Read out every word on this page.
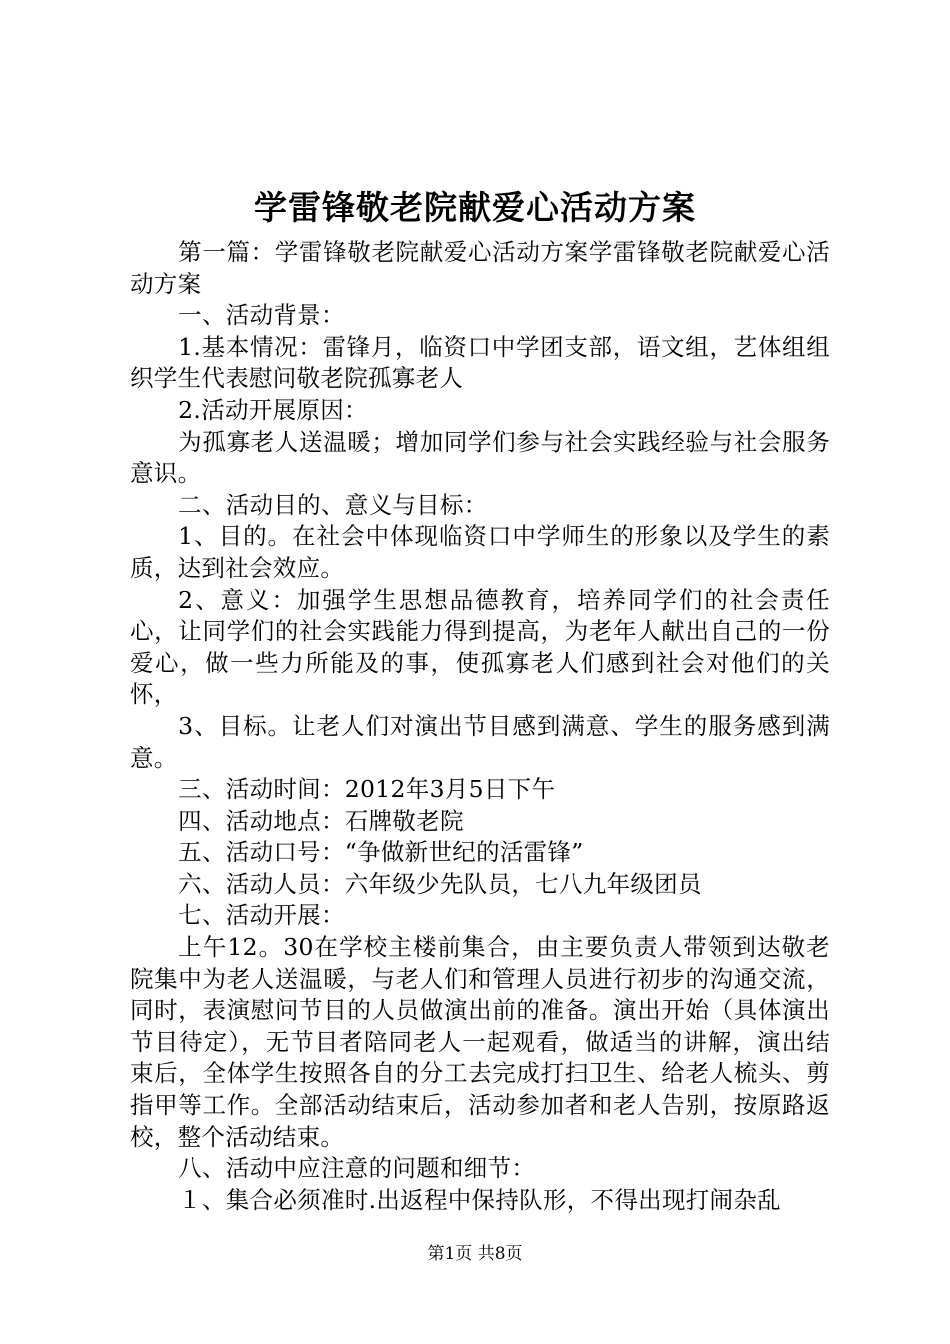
学雷锋敬老院献爱心活动方案

第一篇：学雷锋敬老院献爱心活动方案学雷锋敬老院献爱心活动方案

一、活动背景：

1.基本情况：雷锋月，临资口中学团支部，语文组，艺体组组织学生代表慰问敬老院孤寡老人

2.活动开展原因：

为孤寡老人送温暖；增加同学们参与社会实践经验与社会服务意识。

二、活动目的、意义与目标：

1、目的。在社会中体现临资口中学师生的形象以及学生的素质，达到社会效应。

2、意义：加强学生思想品德教育，培养同学们的社会责任心，让同学们的社会实践能力得到提高，为老年人献出自己的一份爱心，做一些力所能及的事，使孤寡老人们感到社会对他们的关怀，

3、目标。让老人们对演出节目感到满意、学生的服务感到满意。

三、活动时间：2012年3月5日下午

四、活动地点：石牌敬老院

五、活动口号：“争做新世纪的活雷锋”

六、活动人员：六年级少先队员，七八九年级团员

七、活动开展：

上午12。30在学校主楼前集合，由主要负责人带领到达敬老院集中为老人送温暖，与老人们和管理人员进行初步的沟通交流，同时，表演慰问节目的人员做演出前的准备。演出开始（具体演出节目待定），无节目者陪同老人一起观看，做适当的讲解，演出结束后，全体学生按照各自的分工去完成打扫卫生、给老人梳头、剪指甲等工作。全部活动结束后，活动参加者和老人告别，按原路返校，整个活动结束。

八、活动中应注意的问题和细节：

１、集合必须准时.出返程中保持队形，不得出现打闹杂乱

第1页 共8页
